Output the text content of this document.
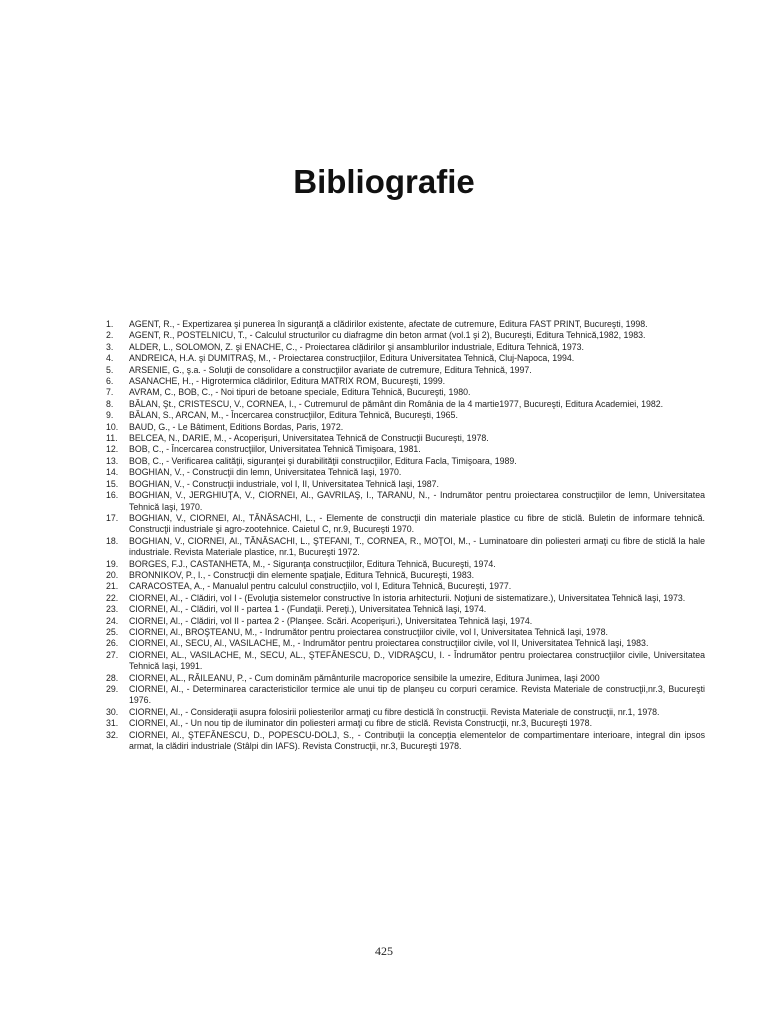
Bibliografie
1.	AGENT, R., - Expertizarea şi punerea în siguranţă a clădirilor existente, afectate de cutremure, Editura FAST PRINT, Bucureşti, 1998.
2.	AGENT, R., POSTELNICU, T., - Calculul structurilor cu diafragme din beton armat (vol.1 şi 2), Bucureşti, Editura Tehnică,1982, 1983.
3.	ALDER, L., SOLOMON, Z. şi ENACHE, C., - Proiectarea clădirilor şi ansamblurilor industriale, Editura Tehnică, 1973.
4.	ANDREICA, H.A. şi DUMITRAŞ, M., - Proiectarea construcţiilor, Editura Universitatea Tehnică, Cluj-Napoca, 1994.
5.	ARSENIE, G., ş.a. - Soluţii de consolidare a construcţiilor avariate de cutremure, Editura Tehnică, 1997.
6.	ASANACHE, H., - Higrotermica clădirilor, Editura MATRIX ROM, Bucureşti, 1999.
7.	AVRAM, C., BOB, C., - Noi tipuri de betoane speciale, Editura Tehnică, Bucureşti, 1980.
8.	BĂLAN, Şt., CRISTESCU, V., CORNEA, I., - Cutremurul de pământ din România de la 4 martie1977, Bucureşti, Editura Academiei, 1982.
9.	BĂLAN, S., ARCAN, M., - Încercarea construcţiilor, Editura Tehnică, Bucureşti, 1965.
10.	BAUD, G., - Le Bâtiment, Editions Bordas, Paris, 1972.
11.	BELCEA, N., DARIE, M., - Acoperişuri, Universitatea Tehnică de Construcţii Bucureşti, 1978.
12.	BOB, C., - Încercarea construcţiilor, Universitatea Tehnică Timişoara, 1981.
13.	BOB, C., - Verificarea calităţii, siguranţei şi durabilităţii construcţiilor, Editura Facla, Timişoara, 1989.
14.	BOGHIAN, V., - Construcţii din lemn, Universitatea Tehnică Iaşi, 1970.
15.	BOGHIAN, V., - Construcţii industriale, vol I, II, Universitatea Tehnică Iaşi, 1987.
16.	BOGHIAN, V., JERGHIUŢA, V., CIORNEI, Al., GAVRILAŞ, I., TARANU, N., - Indrumător pentru proiectarea construcţiilor de lemn, Universitatea Tehnică Iaşi, 1970.
17.	BOGHIAN, V., CIORNEI, Al., TĂNĂSACHI, L., - Elemente de construcţii din materiale plastice cu fibre de sticlă. Buletin de informare tehnică. Construcţii industriale şi agro-zootehnice. Caietul C, nr.9, Bucureşti 1970.
18.	BOGHIAN, V., CIORNEI, Al., TĂNĂSACHI, L., ŞTEFANI, T., CORNEA, R., MOŢOI, M., - Luminatoare din poliesteri armaţi cu fibre de sticlă la hale industriale. Revista Materiale plastice, nr.1, Bucureşti 1972.
19.	BORGES, F.J., CASTANHETA, M., - Siguranţa construcţiilor, Editura Tehnică, Bucureşti, 1974.
20.	BRONNIKOV, P., I., - Construcţii din elemente spaţiale, Editura Tehnică, Bucureşti, 1983.
21.	CARACOSTEA, A., - Manualul pentru calculul construcţiilo, vol I, Editura Tehnică, Bucureşti, 1977.
22.	CIORNEI, Al., - Clădiri, vol I - (Evoluţia sistemelor constructive în istoria arhitecturii. Noţiuni de sistematizare.), Universitatea Tehnică Iaşi, 1973.
23.	CIORNEI, Al., - Clădiri, vol II - partea 1 - (Fundaţii. Pereţi.), Universitatea Tehnică Iaşi, 1974.
24.	CIORNEI, Al., - Clădiri, vol II - partea 2 - (Planşee. Scări. Acoperişuri.), Universitatea Tehnică Iaşi, 1974.
25.	CIORNEI, Al., BROŞTEANU, M., - Indrumător pentru proiectarea construcţiilor civile, vol I, Universitatea Tehnică Iaşi, 1978.
26.	CIORNEI, Al., SECU, Al., VASILACHE, M., - Indrumător pentru proiectarea construcţiilor civile, vol II, Universitatea Tehnică Iaşi, 1983.
27.	CIORNEI, AL., VASILACHE, M., SECU, AL., ŞTEFĂNESCU, D., VIDRAŞCU, I. - Îndrumător pentru proiectarea construcţiilor civile, Universitatea Tehnică Iaşi, 1991.
28.	CIORNEI, AL., RĂILEANU, P., - Cum dominăm pământurile macroporice sensibile la umezire, Editura Junimea, Iaşi 2000
29.	CIORNEI, Al., - Determinarea caracteristicilor termice ale unui tip de planşeu cu corpuri ceramice. Revista Materiale de construcţii,nr.3, Bucureşti 1976.
30.	CIORNEI, Al., - Consideraţii asupra folosirii poliesterilor armaţi cu fibre desticlă în construcţii. Revista Materiale de construcţii, nr.1, 1978.
31.	CIORNEI, Al., - Un nou tip de iluminator din poliesteri armaţi cu fibre de sticlă. Revista Construcţii, nr.3, Bucureşti 1978.
32.	CIORNEI, Al., ŞTEFĂNESCU, D., POPESCU-DOLJ, S., - Contribuţii la concepţia elementelor de compartimentare interioare, integral din ipsos armat, la clădiri industriale (Stâlpi din IAFS). Revista Construcţii, nr.3, Bucureşti 1978.
425
